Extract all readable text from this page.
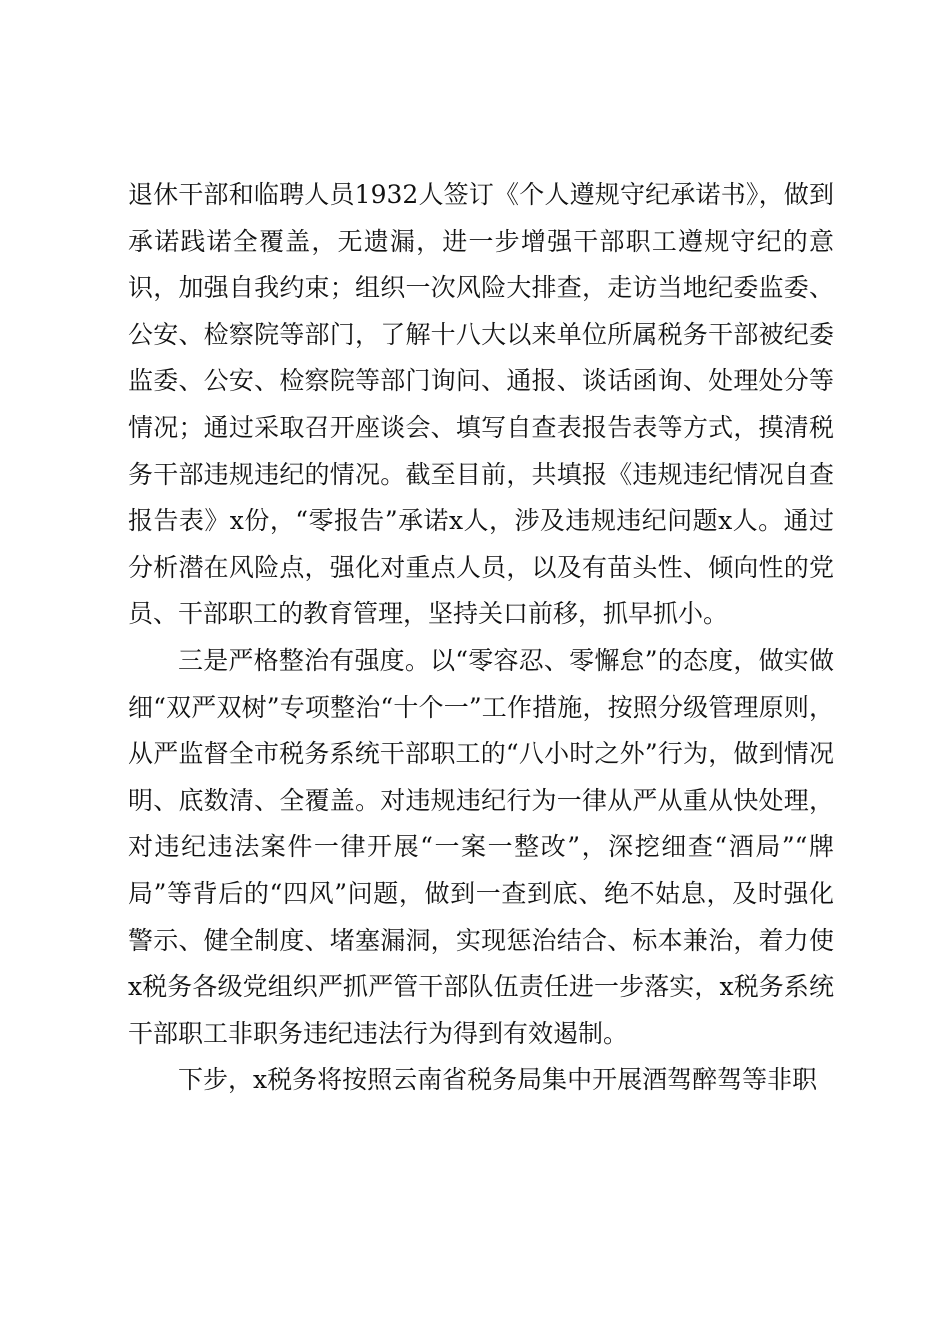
退休干部和临聘人员1932人签订《个人遵规守纪承诺书》，做到承诺践诺全覆盖，无遗漏，进一步增强干部职工遵规守纪的意识，加强自我约束；组织一次风险大排查，走访当地纪委监委、公安、检察院等部门，了解十八大以来单位所属税务干部被纪委监委、公安、检察院等部门询问、通报、谈话函询、处理处分等情况；通过采取召开座谈会、填写自查表报告表等方式，摸清税务干部违规违纪的情况。截至目前，共填报《违规违纪情况自查报告表》x份，“零报告”承诺x人，涉及违规违纪问题x人。通过分析潜在风险点，强化对重点人员，以及有苗头性、倾向性的党员、干部职工的教育管理，坚持关口前移，抓早抓小。

三是严格整治有强度。以“零容忍、零懈怠”的态度，做实做细“双严双树”专项整治“十个一”工作措施，按照分级管理原则，从严监督全市税务系统干部职工的“八小时之外”行为，做到情况明、底数清、全覆盖。对违规违纪行为一律从严从重从快处理，对违纪违法案件一律开展“一案一整改”，深挖细查“酒局”“牌局”等背后的“四风”问题，做到一查到底、绝不姑息，及时强化警示、健全制度、堵塞漏洞，实现惩治结合、标本兼治，着力使x税务各级党组织严抓严管干部队伍责任进一步落实，x税务系统干部职工非职务违纪违法行为得到有效遏制。

下步，x税务将按照云南省税务局集中开展酒驾醉驾等非职
